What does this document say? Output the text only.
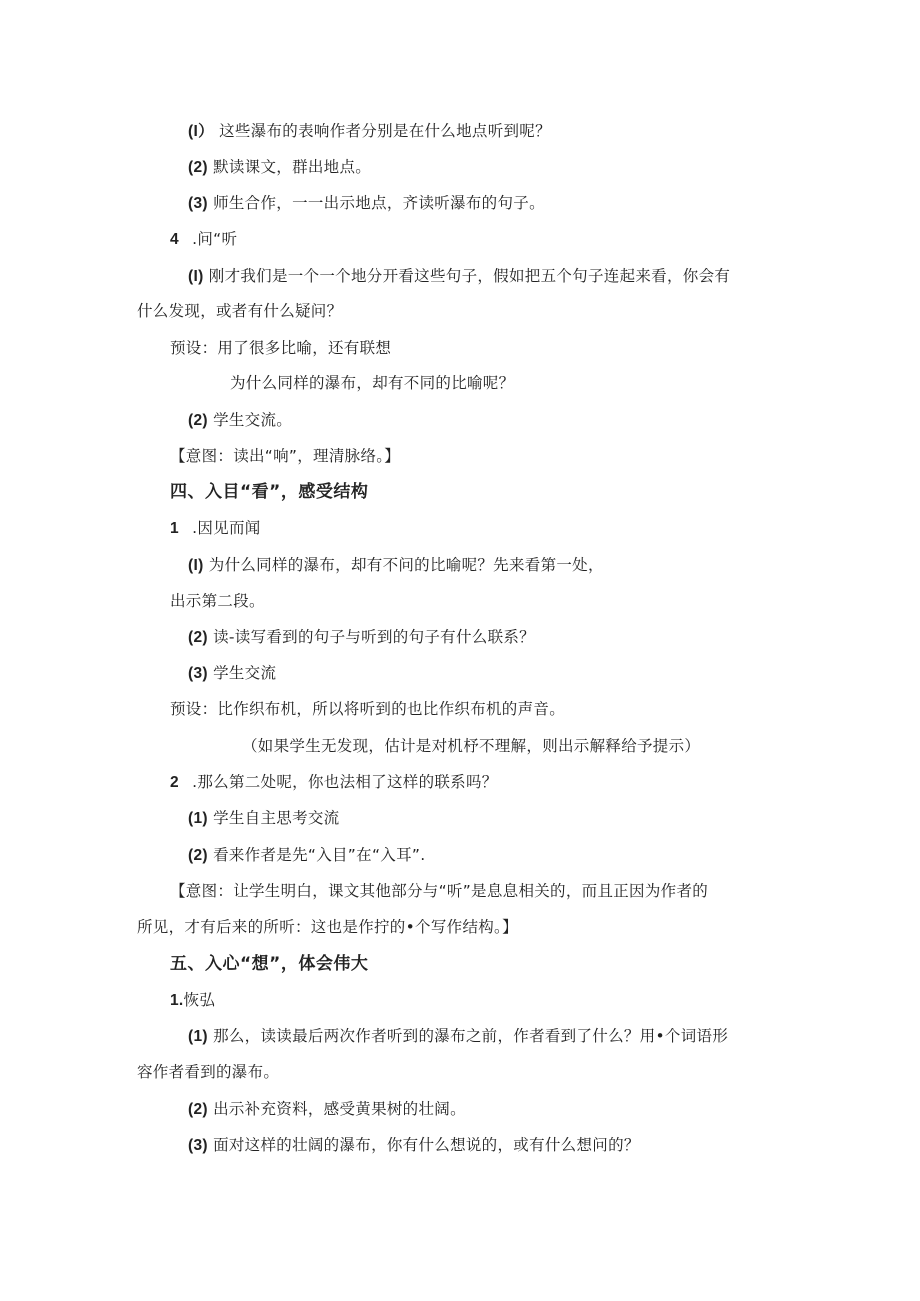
(I） 这些瀑布的表响作者分别是在什么地点听到呢？

(2) 默读课文，群出地点。

(3) 师生合作，一一出示地点，齐读听瀑布的句子。

4 .问“听

(I) 刚才我们是一个一个地分开看这些句子，假如把五个句子连起来看，你会有

什么发现，或者有什么疑问？

预设：用了很多比喻，还有联想

为什么同样的瀑布，却有不同的比喻呢？

(2) 学生交流。

【意图：读出“响”，理清脉络。】

四、入目“看”，感受结构

1 .因见而闻

(I) 为什么同样的瀑布，却有不问的比喻呢？先来看第一处，

出示第二段。

(2) 读-读写看到的句子与听到的句子有什么联系？

(3) 学生交流

预设：比作织布机，所以将听到的也比作织布机的声音。

（如果学生无发现，估计是对机杼不理解，则出示解释给予提示）

2 .那么第二处呢，你也法相了这样的联系吗？

(1) 学生自主思考交流

(2) 看来作者是先“入目”在“入耳”.

【意图：让学生明白，课文其他部分与“听”是息息相关的，而且正因为作者的

所见，才有后来的所听：这也是作拧的•个写作结构。】

五、入心“想”，体会伟大

1.恢弘

(1) 那么，读读最后两次作者听到的瀑布之前，作者看到了什么？用•个词语形

容作者看到的瀑布。

(2) 出示补充资料，感受黄果树的壮阔。

(3) 面对这样的壮阔的瀑布，你有什么想说的，或有什么想问的？
